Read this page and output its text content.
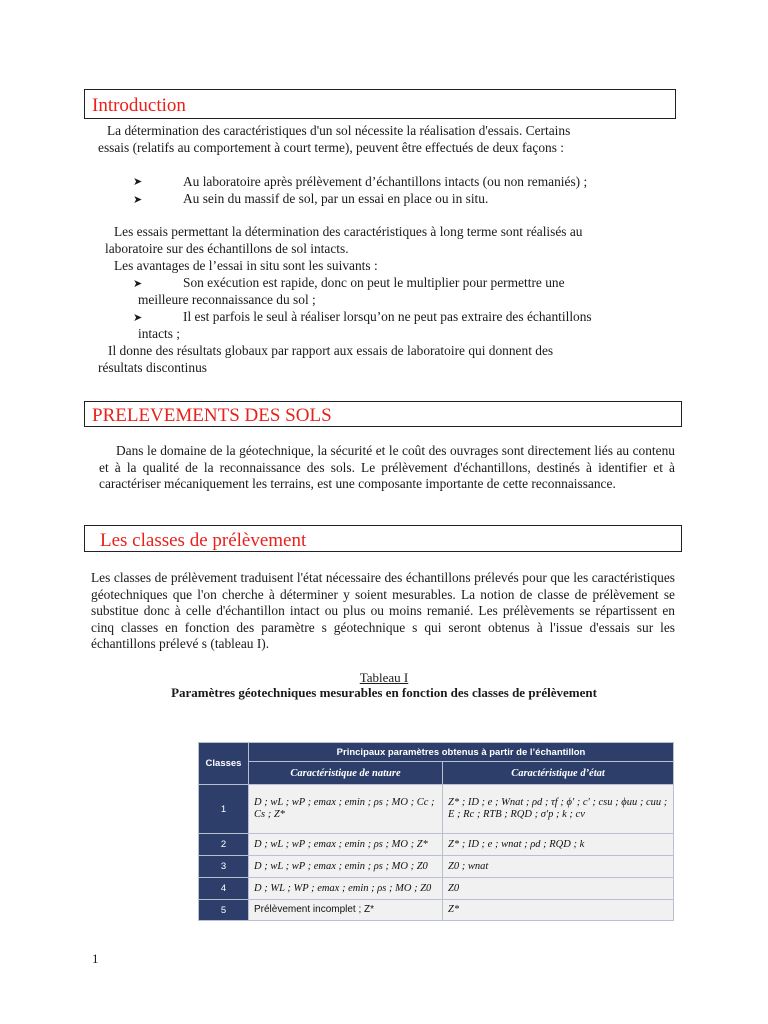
Introduction
La détermination des caractéristiques d'un sol nécessite la réalisation d'essais. Certains
essais (relatifs au comportement à court terme), peuvent être effectués de deux façons :
➤	Au laboratoire après prélèvement d’échantillons intacts (ou non remaniés) ;
➤	Au sein du massif de sol, par un essai en place ou in situ.
Les essais permettant la détermination des caractéristiques à long terme sont réalisés au
laboratoire sur des échantillons de sol intacts.
Les avantages de l’essai in situ sont les suivants :
➤	Son exécution est rapide, donc on peut le multiplier pour permettre une
meilleure reconnaissance du sol ;
➤	Il est parfois le seul à réaliser lorsqu’on ne peut pas extraire des échantillons
intacts ;
Il donne des résultats globaux par rapport aux essais de laboratoire qui donnent des
résultats discontinus
PRELEVEMENTS DES SOLS
Dans le domaine de la géotechnique, la sécurité et le coût des ouvrages sont directement liés au contenu et à la qualité de la reconnaissance des sols. Le prélèvement d'échantillons, destinés à identifier et à caractériser mécaniquement les terrains, est une composante importante de cette reconnaissance.
Les classes de prélèvement
Les classes de prélèvement traduisent l'état nécessaire des échantillons prélevés pour que les caractéristiques géotechniques que l'on cherche à déterminer y soient mesurables. La notion de classe de prélèvement se substitue donc à celle d'échantillon intact ou plus ou moins remanié. Les prélèvements se répartissent en cinq classes en fonction des paramètre s géotechnique s qui seront obtenus à l'issue d'essais sur les échantillons prélevé s (tableau I).
Tableau I
Paramètres géotechniques mesurables en fonction des classes de prélèvement
Classes	Principaux paramètres obtenus à partir de l’échantillon	
	Caractéristique de nature	Caractéristique d’état
1	D ; wL ; wP ; emax ; emin ; ρs ; MO ; Cc ; Cs ; Z*	Z* ; ID ; e ; Wnat ; ρd ; τf ; ϕ' ; c' ; csu ; ϕuu ; cuu ; E ; Rc ; RTB ; RQD ; σ'p ; k ; cv
2	D ; wL ; wP ; emax ; emin ; ρs ; MO ; Z*	Z* ; ID ; e ; wnat ; ρd ; RQD ; k
3	D ; wL ; wP ; emax ; emin ; ρs ; MO ; Z0	Z0 ; wnat
4	D ; WL ; WP ; emax ; emin ; ρs ; MO ; Z0	Z0
5	Prélèvement incomplet ; Z*	Z*
1
